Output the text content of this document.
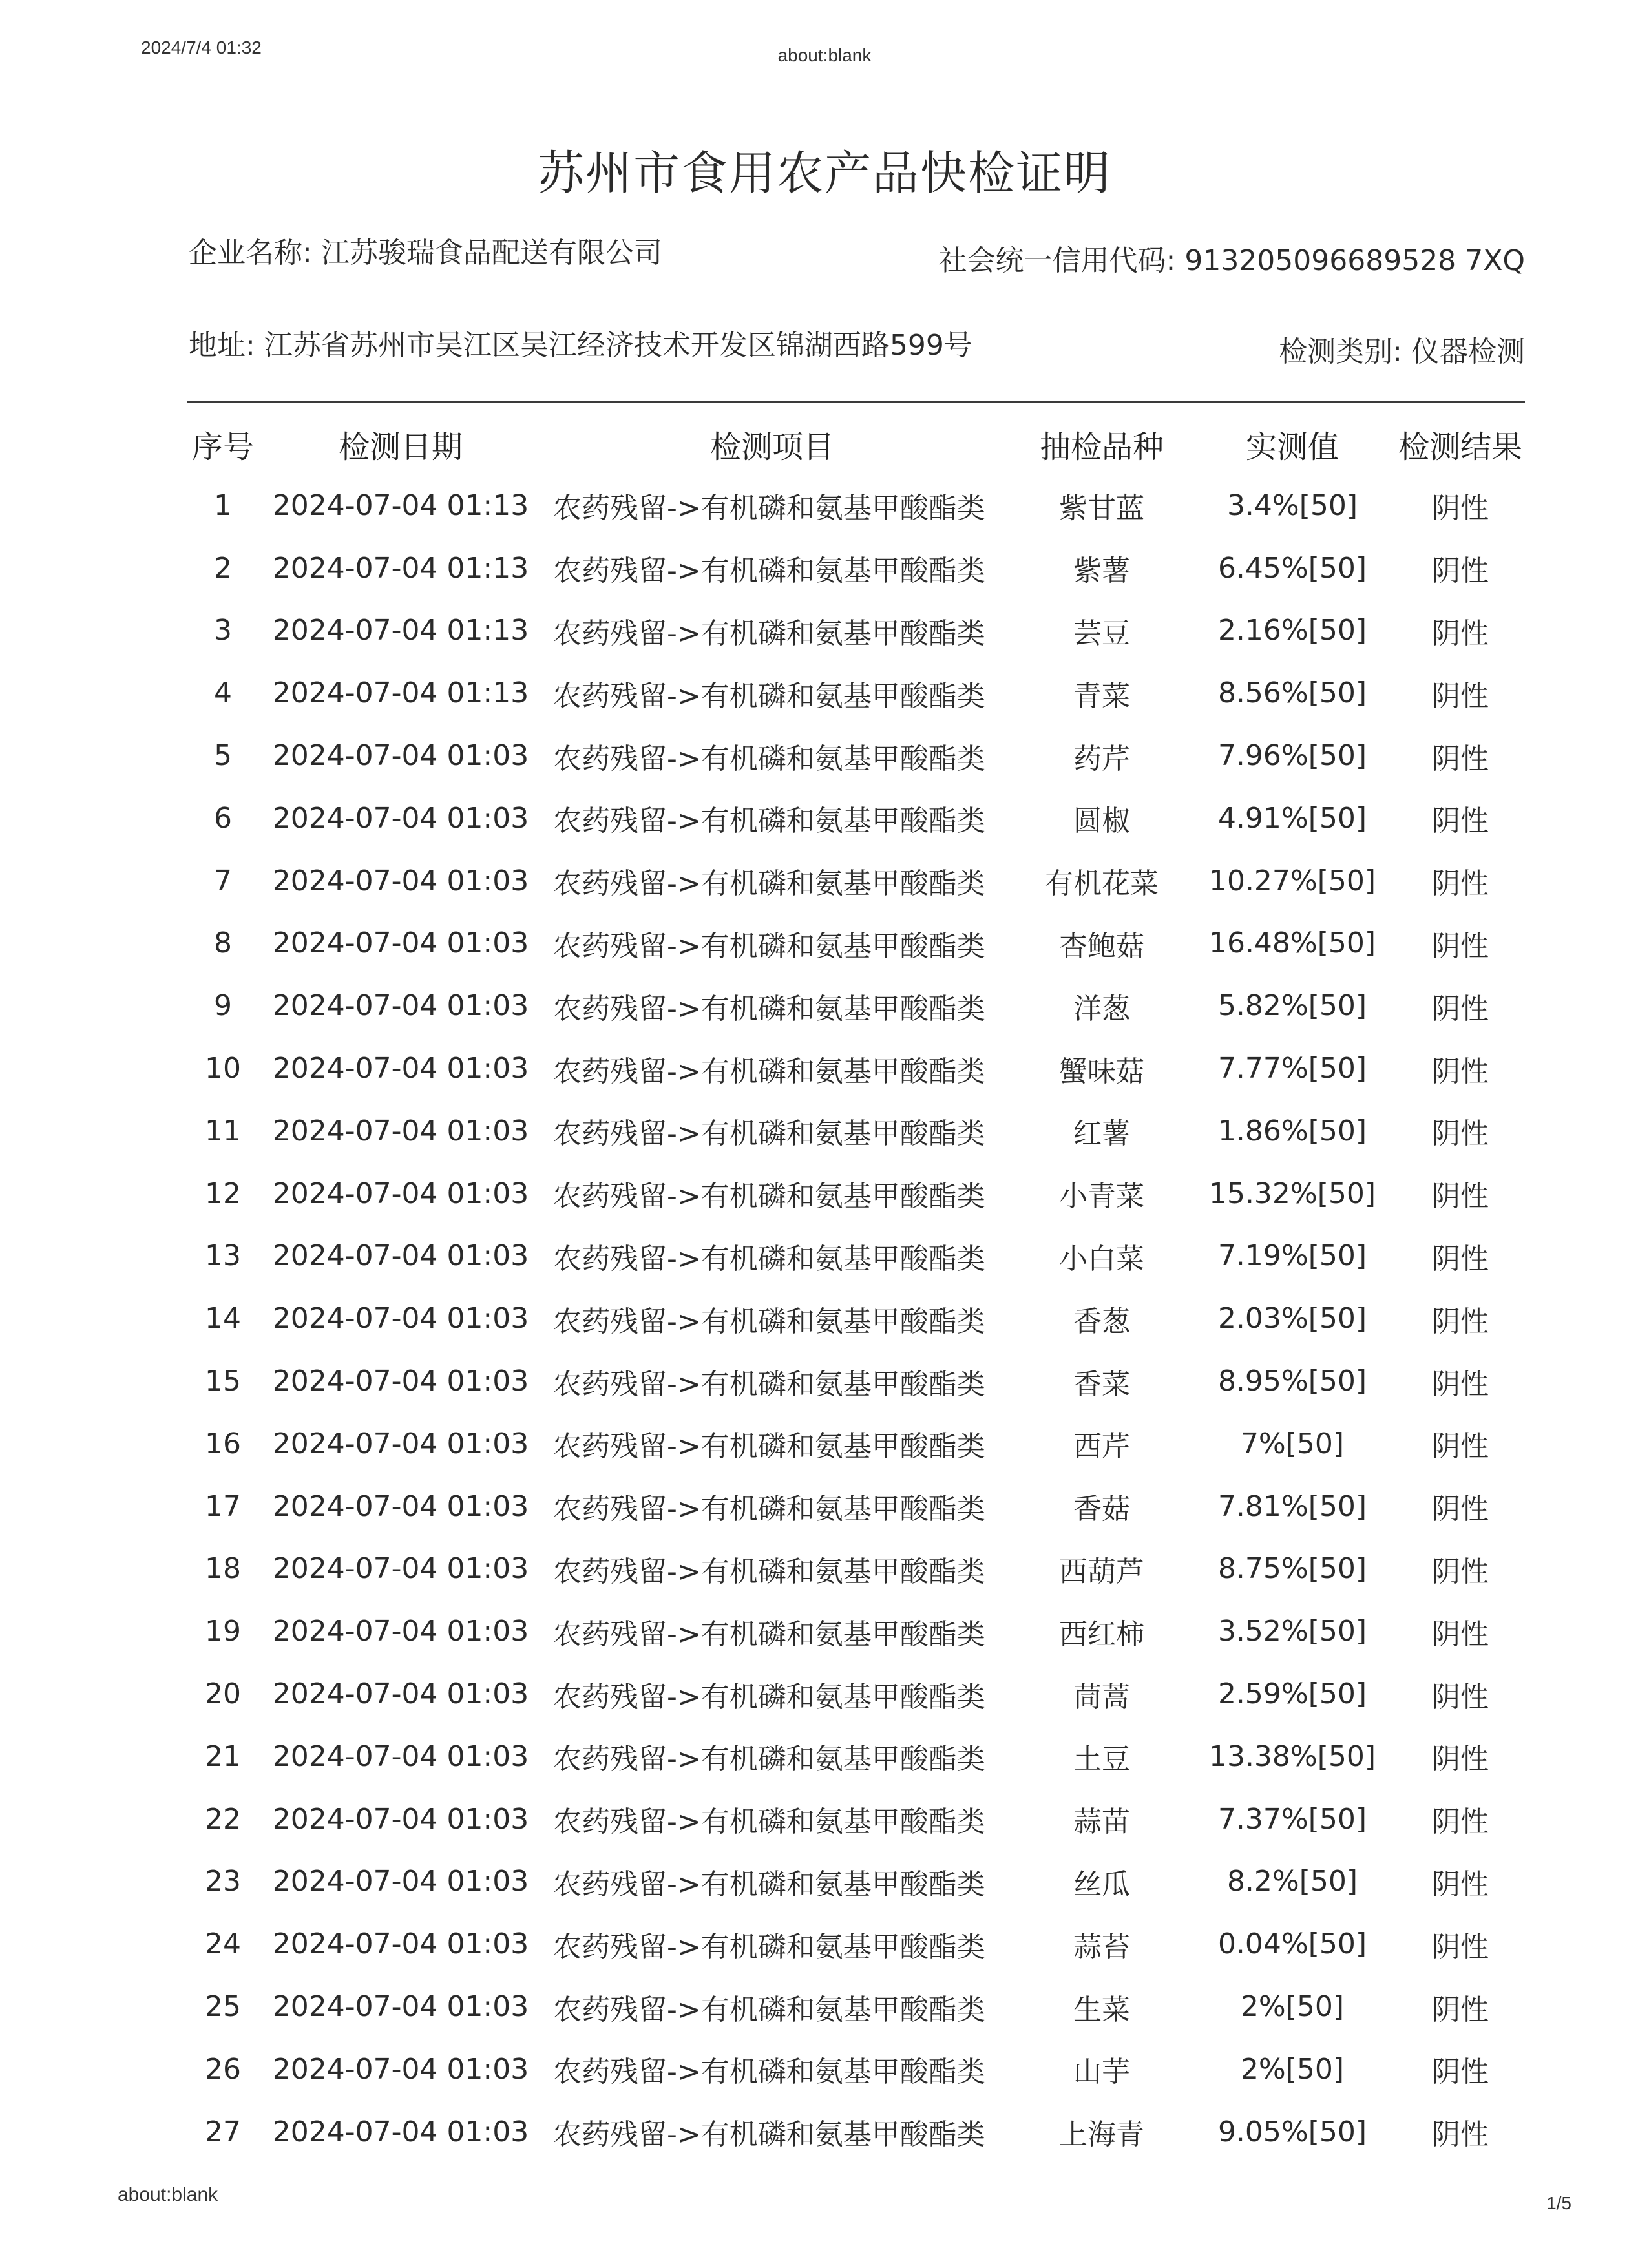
2024/7/4 01:32	about:blank
苏州市食用农产品快检证明
企业名称: 江苏骏瑞食品配送有限公司	社会统一信用代码: 913205096689528 7XQ
地址: 江苏省苏州市吴江区吴江经济技术开发区锦湖西路599号	检测类别: 仪器检测
序号	检测日期	检测项目	抽检品种	实测值	检测结果
1	2024-07-04 01:13	农药残留->有机磷和氨基甲酸酯类	紫甘蓝	3.4%[50]	阴性
2	2024-07-04 01:13	农药残留->有机磷和氨基甲酸酯类	紫薯	6.45%[50]	阴性
3	2024-07-04 01:13	农药残留->有机磷和氨基甲酸酯类	芸豆	2.16%[50]	阴性
4	2024-07-04 01:13	农药残留->有机磷和氨基甲酸酯类	青菜	8.56%[50]	阴性
5	2024-07-04 01:03	农药残留->有机磷和氨基甲酸酯类	药芹	7.96%[50]	阴性
6	2024-07-04 01:03	农药残留->有机磷和氨基甲酸酯类	圆椒	4.91%[50]	阴性
7	2024-07-04 01:03	农药残留->有机磷和氨基甲酸酯类	有机花菜	10.27%[50]	阴性
8	2024-07-04 01:03	农药残留->有机磷和氨基甲酸酯类	杏鲍菇	16.48%[50]	阴性
9	2024-07-04 01:03	农药残留->有机磷和氨基甲酸酯类	洋葱	5.82%[50]	阴性
10	2024-07-04 01:03	农药残留->有机磷和氨基甲酸酯类	蟹味菇	7.77%[50]	阴性
11	2024-07-04 01:03	农药残留->有机磷和氨基甲酸酯类	红薯	1.86%[50]	阴性
12	2024-07-04 01:03	农药残留->有机磷和氨基甲酸酯类	小青菜	15.32%[50]	阴性
13	2024-07-04 01:03	农药残留->有机磷和氨基甲酸酯类	小白菜	7.19%[50]	阴性
14	2024-07-04 01:03	农药残留->有机磷和氨基甲酸酯类	香葱	2.03%[50]	阴性
15	2024-07-04 01:03	农药残留->有机磷和氨基甲酸酯类	香菜	8.95%[50]	阴性
16	2024-07-04 01:03	农药残留->有机磷和氨基甲酸酯类	西芹	7%[50]	阴性
17	2024-07-04 01:03	农药残留->有机磷和氨基甲酸酯类	香菇	7.81%[50]	阴性
18	2024-07-04 01:03	农药残留->有机磷和氨基甲酸酯类	西葫芦	8.75%[50]	阴性
19	2024-07-04 01:03	农药残留->有机磷和氨基甲酸酯类	西红柿	3.52%[50]	阴性
20	2024-07-04 01:03	农药残留->有机磷和氨基甲酸酯类	茼蒿	2.59%[50]	阴性
21	2024-07-04 01:03	农药残留->有机磷和氨基甲酸酯类	土豆	13.38%[50]	阴性
22	2024-07-04 01:03	农药残留->有机磷和氨基甲酸酯类	蒜苗	7.37%[50]	阴性
23	2024-07-04 01:03	农药残留->有机磷和氨基甲酸酯类	丝瓜	8.2%[50]	阴性
24	2024-07-04 01:03	农药残留->有机磷和氨基甲酸酯类	蒜苔	0.04%[50]	阴性
25	2024-07-04 01:03	农药残留->有机磷和氨基甲酸酯类	生菜	2%[50]	阴性
26	2024-07-04 01:03	农药残留->有机磷和氨基甲酸酯类	山芋	2%[50]	阴性
27	2024-07-04 01:03	农药残留->有机磷和氨基甲酸酯类	上海青	9.05%[50]	阴性
about:blank	1/5
